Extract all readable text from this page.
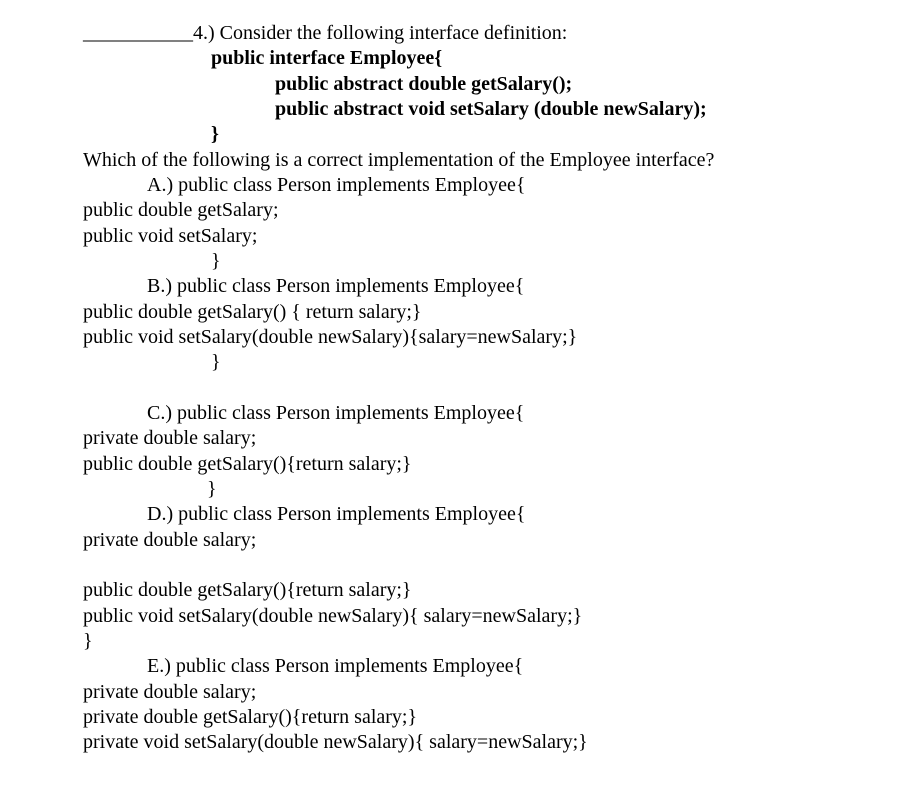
___________4.) Consider the following interface definition:
public interface Employee{
public abstract double getSalary();
public abstract void setSalary (double newSalary);
}
Which of the following is a correct implementation of the Employee interface?
A.) public class Person implements Employee{
public double getSalary;
public void setSalary;
}
B.) public class Person implements Employee{
public double getSalary() { return salary;}
public void setSalary(double newSalary){salary=newSalary;}
}
C.) public class Person implements Employee{
private double salary;
public double getSalary(){return salary;}
}
D.) public class Person implements Employee{
private double salary;
public double getSalary(){return salary;}
public void setSalary(double newSalary){ salary=newSalary;}
}
E.) public class Person implements Employee{
private double salary;
private double getSalary(){return salary;}
private void setSalary(double newSalary){ salary=newSalary;}
